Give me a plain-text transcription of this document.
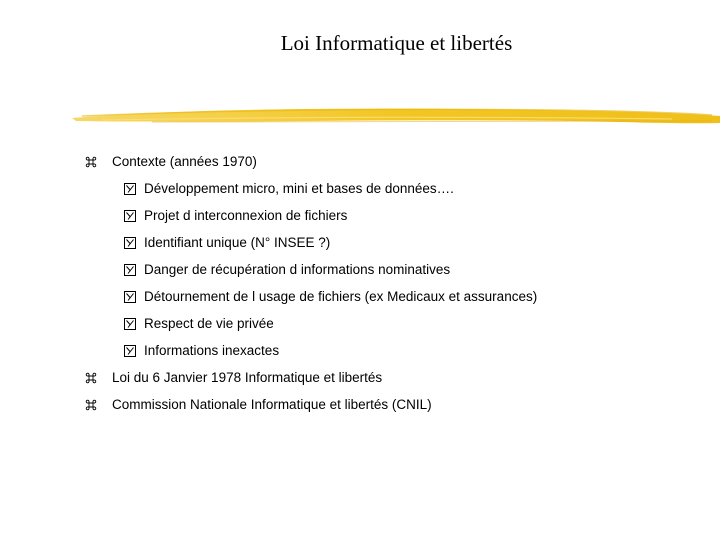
Loi Informatique et libertés
Contexte (années 1970)
Développement micro, mini et bases de données….
Projet d interconnexion de fichiers
Identifiant unique (N° INSEE ?)
Danger de récupération d informations nominatives
Détournement de l usage de fichiers (ex Medicaux et assurances)
Respect de vie privée
Informations inexactes
Loi du 6 Janvier 1978 Informatique et libertés
Commission Nationale Informatique et libertés (CNIL)
